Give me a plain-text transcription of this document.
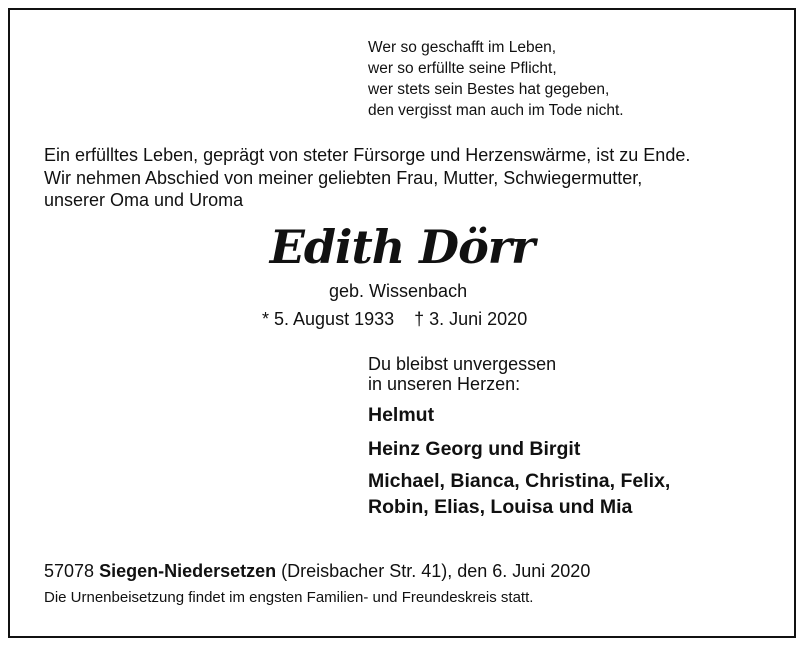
Wer so geschafft im Leben,
wer so erfüllte seine Pflicht,
wer stets sein Bestes hat gegeben,
den vergisst man auch im Tode nicht.
Ein erfülltes Leben, geprägt von steter Fürsorge und Herzenswärme, ist zu Ende.
Wir nehmen Abschied von meiner geliebten Frau, Mutter, Schwiegermutter,
unserer Oma und Uroma
Edith Dörr
geb. Wissenbach
* 5. August 1933 † 3. Juni 2020
Du bleibst unvergessen
in unseren Herzen:
Helmut
Heinz Georg und Birgit
Michael, Bianca, Christina, Felix,
Robin, Elias, Louisa und Mia
57078 Siegen-Niedersetzen (Dreisbacher Str. 41), den 6. Juni 2020
Die Urnenbeisetzung findet im engsten Familien- und Freundeskreis statt.
